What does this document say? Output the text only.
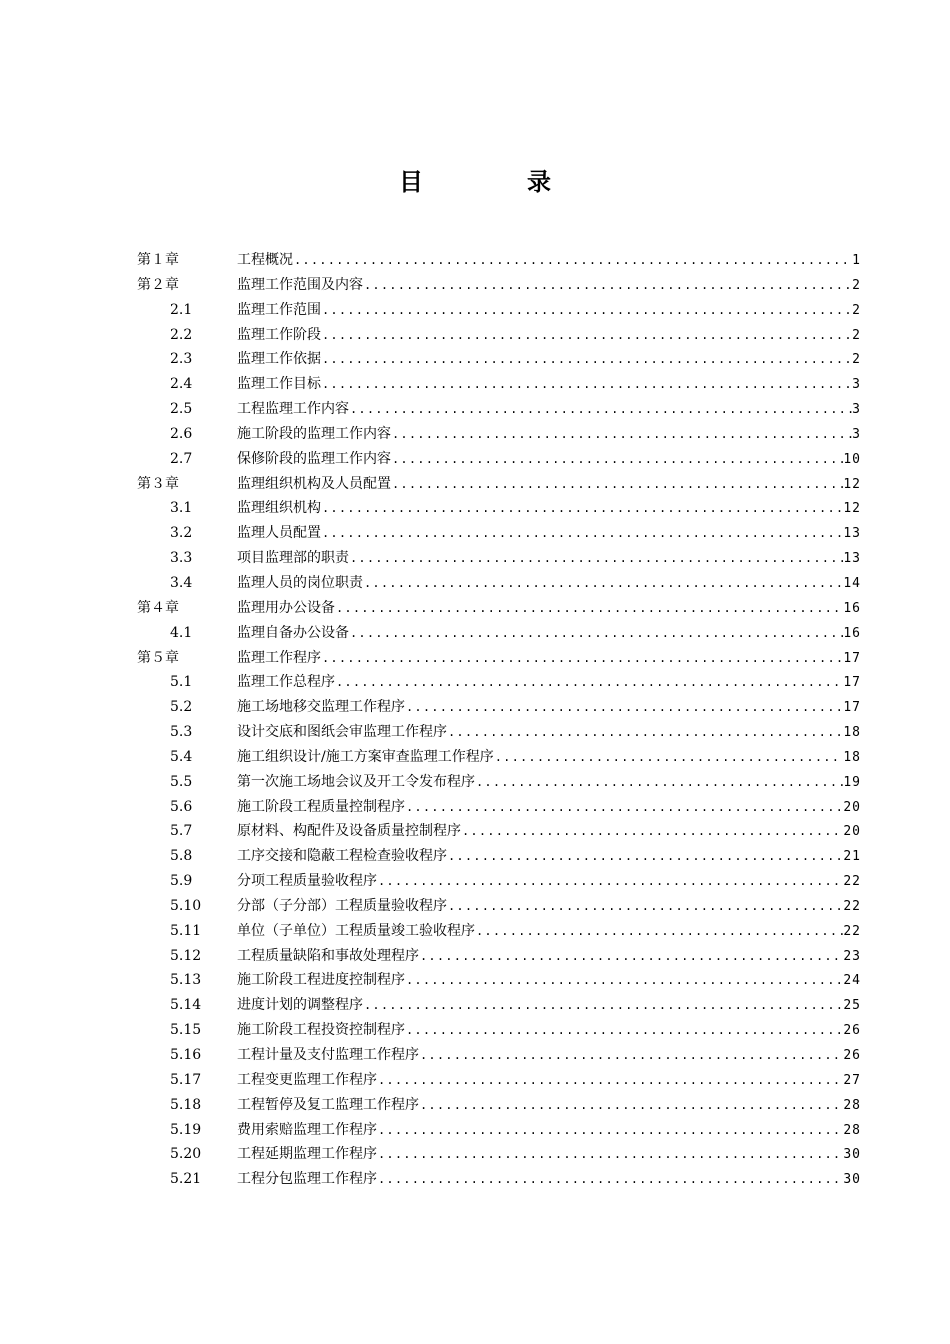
目　录
第１章	工程概况 .....	1
第２章	监理工作范围及内容 .....	2
2.1	监理工作范围 .....	2
2.2	监理工作阶段 .....	2
2.3	监理工作依据 .....	2
2.4	监理工作目标 .....	3
2.5	工程监理工作内容 .....	3
2.6	施工阶段的监理工作内容 .....	3
2.7	保修阶段的监理工作内容 .....	10
第３章	监理组织机构及人员配置 .....	12
3.1	监理组织机构 .....	12
3.2	监理人员配置 .....	13
3.3	项目监理部的职责 .....	13
3.4	监理人员的岗位职责 .....	14
第４章	监理用办公设备 .....	16
4.1	监理自备办公设备 .....	16
第５章	监理工作程序 .....	17
5.1	监理工作总程序 .....	17
5.2	施工场地移交监理工作程序 .....	17
5.3	设计交底和图纸会审监理工作程序 .....	18
5.4	施工组织设计/施工方案审查监理工作程序 .....	18
5.5	第一次施工场地会议及开工令发布程序 .....	19
5.6	施工阶段工程质量控制程序 .....	20
5.7	原材料、构配件及设备质量控制程序 .....	20
5.8	工序交接和隐蔽工程检查验收程序 .....	21
5.9	分项工程质量验收程序 .....	22
5.10	分部（子分部）工程质量验收程序 .....	22
5.11	单位（子单位）工程质量竣工验收程序 .....	22
5.12	工程质量缺陷和事故处理程序 .....	23
5.13	施工阶段工程进度控制程序 .....	24
5.14	进度计划的调整程序 .....	25
5.15	施工阶段工程投资控制程序 .....	26
5.16	工程计量及支付监理工作程序 .....	26
5.17	工程变更监理工作程序 .....	27
5.18	工程暂停及复工监理工作程序 .....	28
5.19	费用索赔监理工作程序 .....	28
5.20	工程延期监理工作程序 .....	30
5.21	工程分包监理工作程序 .....	30
